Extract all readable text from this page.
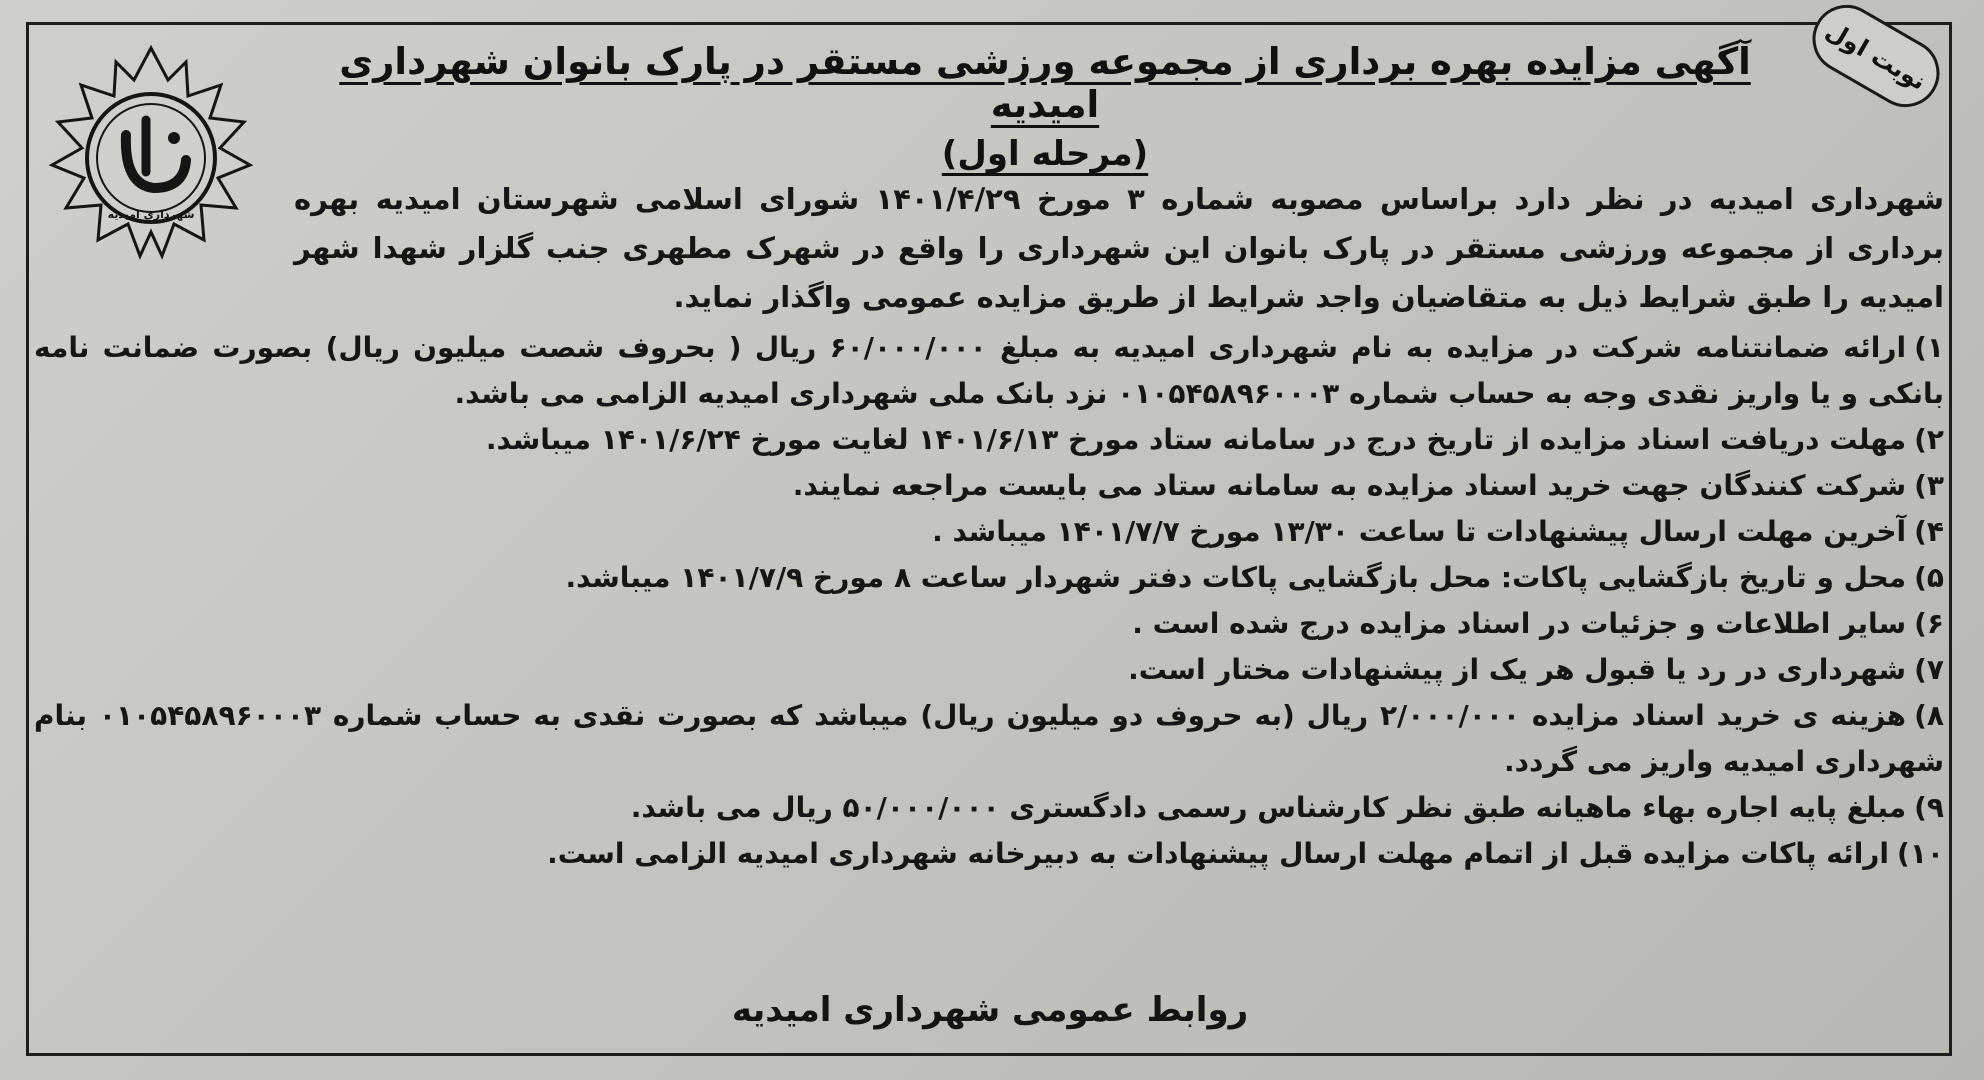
شهرداری امیدیه
نوبت اول
آگهی مزایده بهره برداری از مجموعه ورزشی مستقر در پارک بانوان شهرداری امیدیه
(مرحله اول)
شهرداری امیدیه در نظر دارد براساس مصوبه شماره ۳ مورخ ۱۴۰۱/۴/۲۹ شورای اسلامی شهرستان امیدیه بهره برداری از مجموعه ورزشی مستقر در پارک بانوان این شهرداری را واقع در شهرک مطهری جنب گلزار شهدا شهر امیدیه را طبق شرایط ذیل به متقاضیان واجد شرایط از طریق مزایده عمومی واگذار نماید.
۱)ارائه ضمانتنامه شرکت در مزایده به نام شهرداری امیدیه به مبلغ ۶۰/۰۰۰/۰۰۰ ریال ( بحروف شصت میلیون ریال) بصورت ضمانت نامه بانکی و یا واریز نقدی وجه به حساب شماره ۰۱۰۵۴۵۸۹۶۰۰۰۳ نزد بانک ملی شهرداری امیدیه الزامی می باشد.
۲)مهلت دریافت اسناد مزایده از تاریخ درج در سامانه ستاد مورخ ۱۴۰۱/۶/۱۳ لغایت مورخ ۱۴۰۱/۶/۲۴ میباشد.
۳)شرکت کنندگان جهت خرید اسناد مزایده به سامانه ستاد می بایست مراجعه نمایند.
۴)آخرین مهلت ارسال پیشنهادات تا ساعت ۱۳/۳۰ مورخ ۱۴۰۱/۷/۷ میباشد .
۵)محل و تاریخ بازگشایی پاکات: محل بازگشایی پاکات دفتر شهردار ساعت ۸ مورخ ۱۴۰۱/۷/۹ میباشد.
۶)سایر اطلاعات و جزئیات در اسناد مزایده درج شده است .
۷)شهرداری در رد یا قبول هر یک از پیشنهادات مختار است.
۸)هزینه ی خرید اسناد مزایده ۲/۰۰۰/۰۰۰ ریال (به حروف دو میلیون ریال) میباشد که بصورت نقدی به حساب شماره ۰۱۰۵۴۵۸۹۶۰۰۰۳ بنام شهرداری امیدیه واریز می گردد.
۹)مبلغ پایه اجاره بهاء ماهیانه طبق نظر کارشناس رسمی دادگستری ۵۰/۰۰۰/۰۰۰ ریال می باشد.
۱۰)ارائه پاکات مزایده قبل از اتمام مهلت ارسال پیشنهادات به دبیرخانه شهرداری امیدیه الزامی است.
روابط عمومی شهرداری امیدیه
